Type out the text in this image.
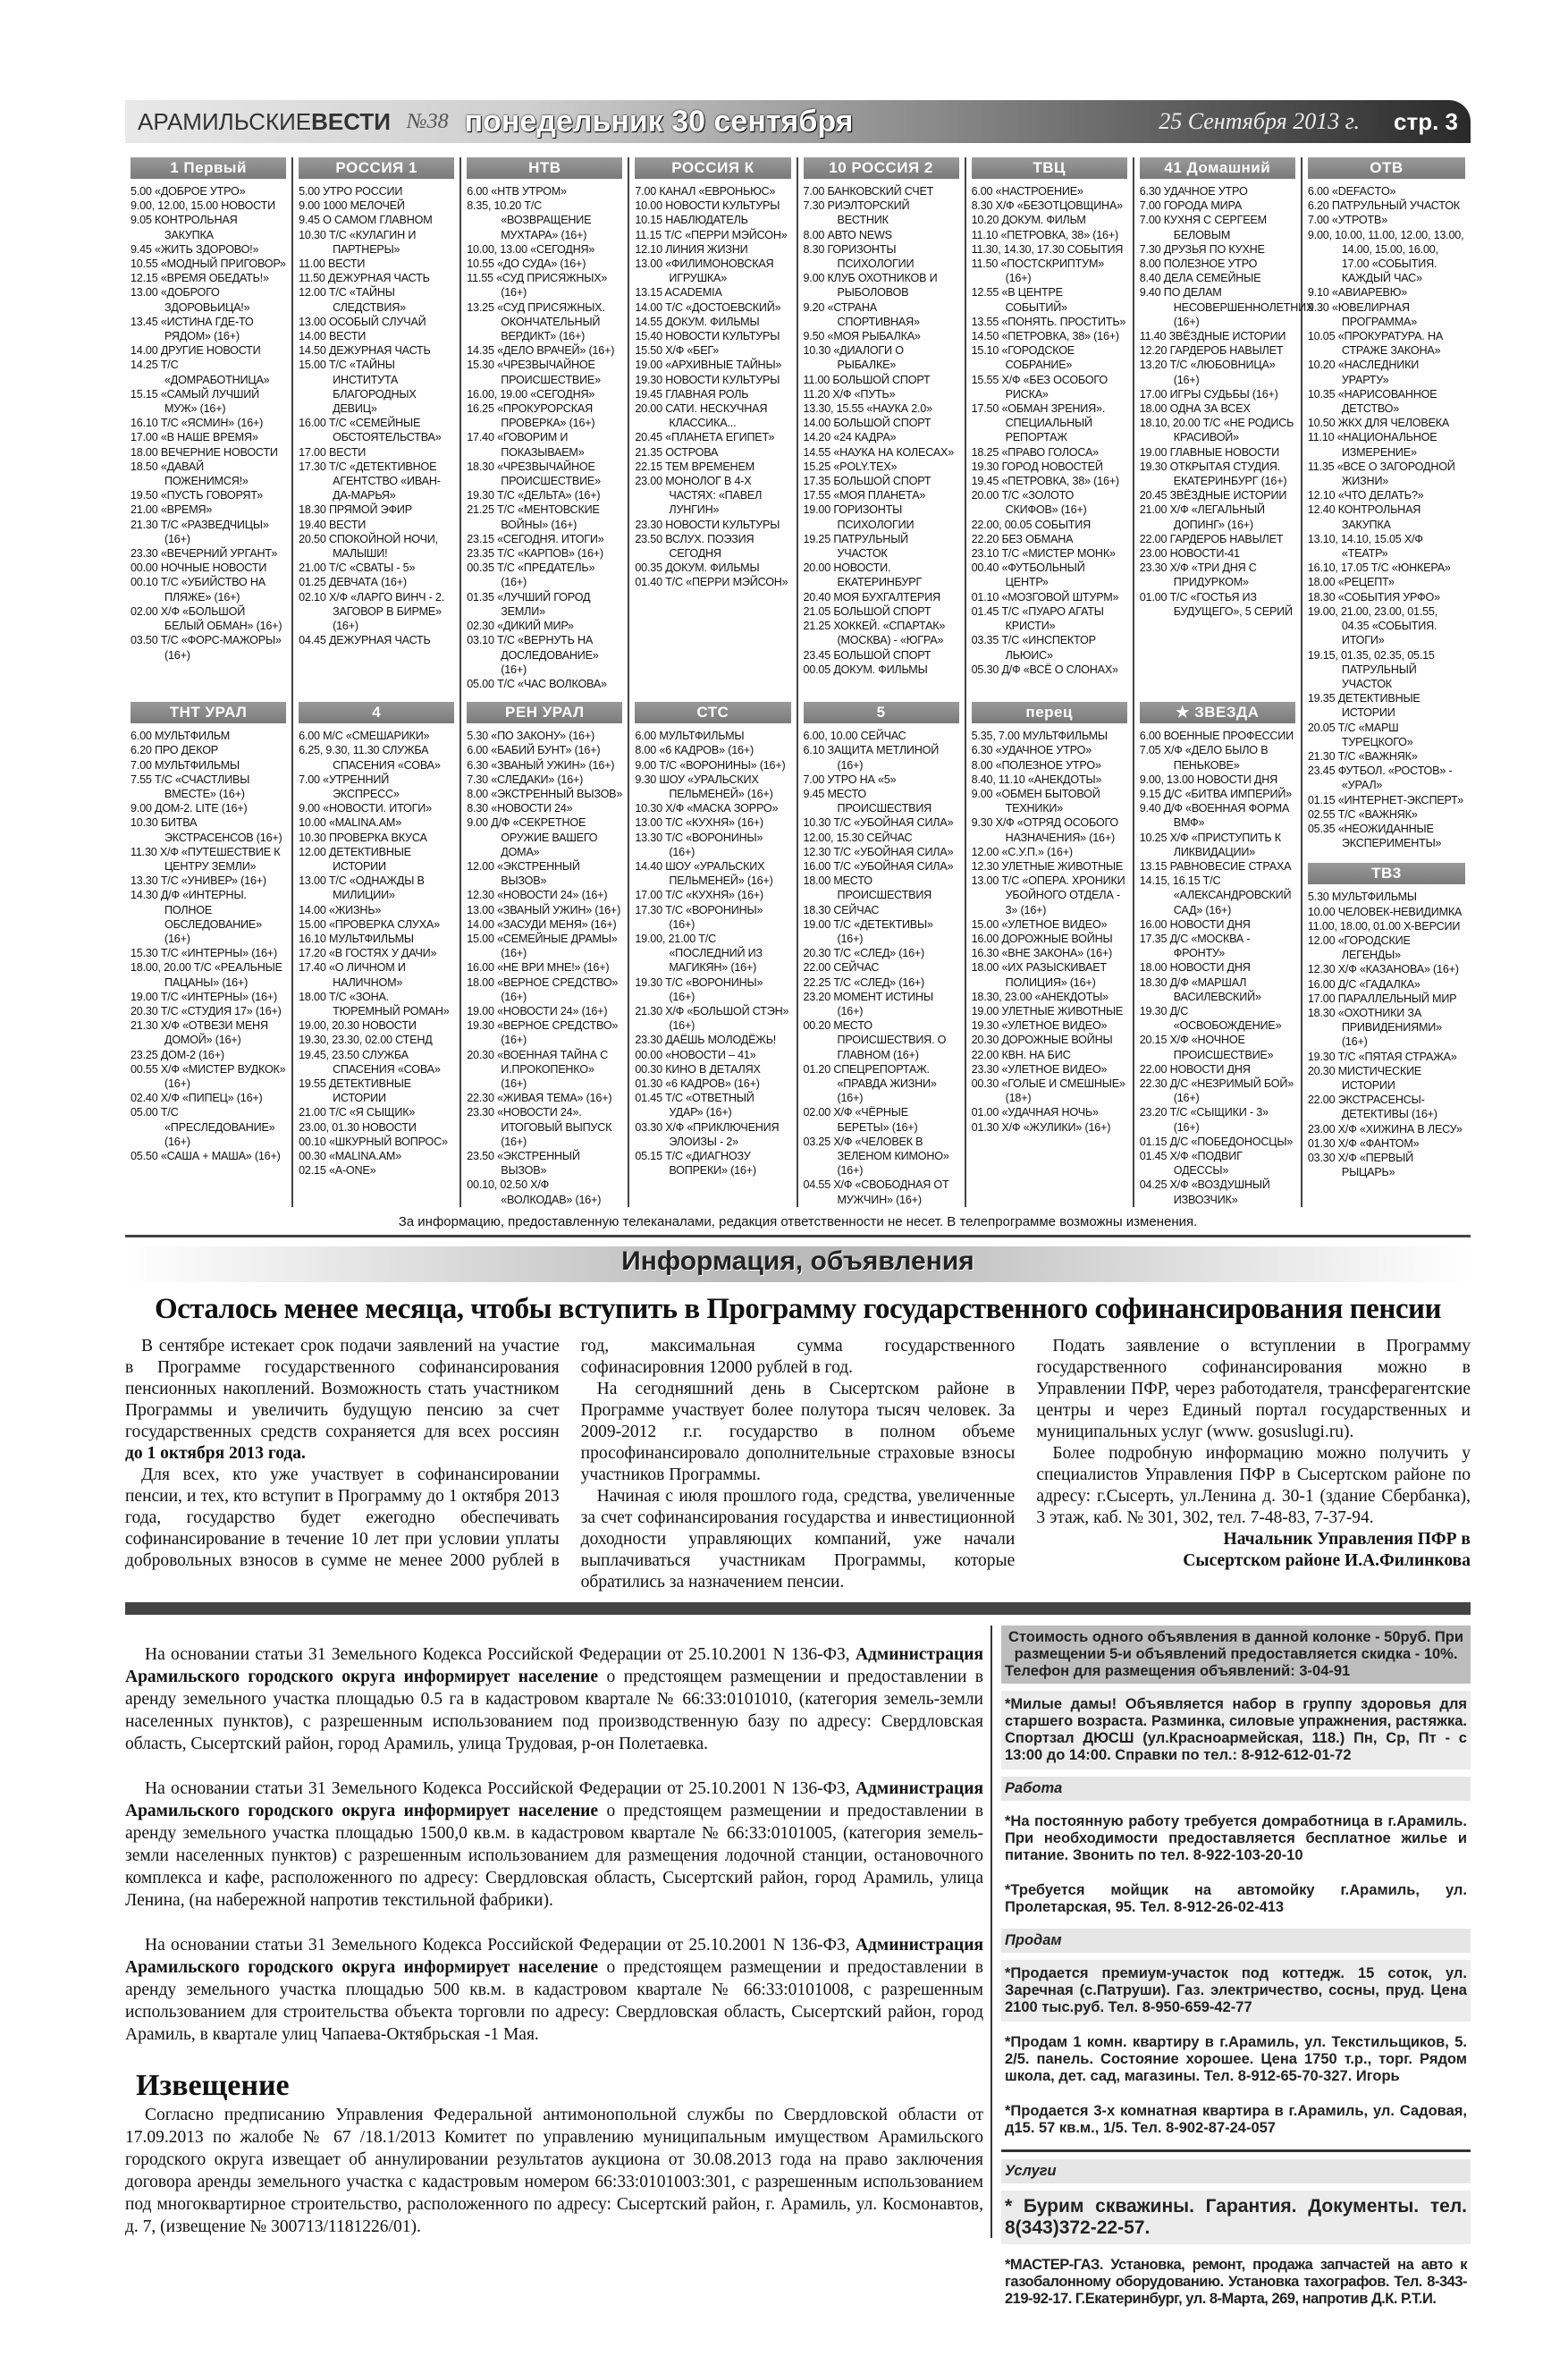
АРАМИЛЬСКИЕВЕСТИ №38 понедельник 30 сентября	25 Сентября 2013 г. стр. 3
1 Первый
5.00 «ДОБРОЕ УТРО»
9.00, 12.00, 15.00 НОВОСТИ
9.05 КОНТРОЛЬНАЯ ЗАКУПКА
9.45 «ЖИТЬ ЗДОРОВО!»
10.55 «МОДНЫЙ ПРИГОВОР»
12.15 «ВРЕМЯ ОБЕДАТЬ!»
13.00 «ДОБРОГО ЗДОРОВЬИЦА!»
13.45 «ИСТИНА ГДЕ-ТО РЯДОМ» (16+)
14.00 ДРУГИЕ НОВОСТИ
14.25 Т/С «ДОМРАБОТНИЦА»
15.15 «САМЫЙ ЛУЧШИЙ МУЖ» (16+)
16.10 Т/С «ЯСМИН» (16+)
17.00 «В НАШЕ ВРЕМЯ»
18.00 ВЕЧЕРНИЕ НОВОСТИ
18.50 «ДАВАЙ ПОЖЕНИМСЯ!»
19.50 «ПУСТЬ ГОВОРЯТ»
21.00 «ВРЕМЯ»
21.30 Т/С «РАЗВЕДЧИЦЫ» (16+)
23.30 «ВЕЧЕРНИЙ УРГАНТ»
00.00 НОЧНЫЕ НОВОСТИ
00.10 Т/С «УБИЙСТВО НА ПЛЯЖЕ» (16+)
02.00 Х/Ф «БОЛЬШОЙ БЕЛЫЙ ОБМАН» (16+)
03.50 Т/С «ФОРС-МАЖОРЫ» (16+)
ТНТ УРАЛ
6.00 МУЛЬТФИЛЬМ
6.20 ПРО ДЕКОР
7.00 МУЛЬТФИЛЬМЫ
7.55 Т/С «СЧАСТЛИВЫ ВМЕСТЕ» (16+)
9.00 ДОМ-2. LITE (16+)
10.30 БИТВА ЭКСТРАСЕНСОВ (16+)
11.30 Х/Ф «ПУТЕШЕСТВИЕ К ЦЕНТРУ ЗЕМЛИ»
13.30 Т/С «УНИВЕР» (16+)
14.30 Д/Ф «ИНТЕРНЫ. ПОЛНОЕ ОБСЛЕДОВАНИЕ» (16+)
15.30 Т/С «ИНТЕРНЫ» (16+)
18.00, 20.00 Т/С «РЕАЛЬНЫЕ ПАЦАНЫ» (16+)
19.00 Т/С «ИНТЕРНЫ» (16+)
20.30 Т/С «СТУДИЯ 17» (16+)
21.30 Х/Ф «ОТВЕЗИ МЕНЯ ДОМОЙ» (16+)
23.25 ДОМ-2 (16+)
00.55 Х/Ф «МИСТЕР ВУДКОК» (16+)
02.40 Х/Ф «ПИПЕЦ» (16+)
05.00 Т/С «ПРЕСЛЕДОВАНИЕ» (16+)
05.50 «САША + МАША» (16+)
РОССИЯ 1
5.00 УТРО РОССИИ
9.00 1000 МЕЛОЧЕЙ
9.45 О САМОМ ГЛАВНОМ
10.30 Т/С «КУЛАГИН И ПАРТНЕРЫ»
11.00 ВЕСТИ
11.50 ДЕЖУРНАЯ ЧАСТЬ
12.00 Т/С «ТАЙНЫ СЛЕДСТВИЯ»
13.00 ОСОБЫЙ СЛУЧАЙ
14.00 ВЕСТИ
14.50 ДЕЖУРНАЯ ЧАСТЬ
15.00 Т/С «ТАЙНЫ ИНСТИТУТА БЛАГОРОДНЫХ ДЕВИЦ»
16.00 Т/С «СЕМЕЙНЫЕ ОБСТОЯТЕЛЬСТВА»
17.00 ВЕСТИ
17.30 Т/С «ДЕТЕКТИВНОЕ АГЕНТСТВО «ИВАН-ДА-МАРЬЯ»
18.30 ПРЯМОЙ ЭФИР
19.40 ВЕСТИ
20.50 СПОКОЙНОЙ НОЧИ, МАЛЫШИ!
21.00 Т/С «СВАТЫ - 5»
01.25 ДЕВЧАТА (16+)
02.10 Х/Ф «ЛАРГО ВИНЧ - 2. ЗАГОВОР В БИРМЕ» (16+)
04.45 ДЕЖУРНАЯ ЧАСТЬ
4
6.00 М/С «СМЕШАРИКИ»
6.25, 9.30, 11.30 СЛУЖБА СПАСЕНИЯ «СОВА»
7.00 «УТРЕННИЙ ЭКСПРЕСС»
9.00 «НОВОСТИ. ИТОГИ»
10.00 «MALINA.AM»
10.30 ПРОВЕРКА ВКУСА
12.00 ДЕТЕКТИВНЫЕ ИСТОРИИ
13.00 Т/С «ОДНАЖДЫ В МИЛИЦИИ»
14.00 «ЖИЗНЬ»
15.00 «ПРОВЕРКА СЛУХА»
16.10 МУЛЬТФИЛЬМЫ
17.20 «В ГОСТЯХ У ДАЧИ»
17.40 «О ЛИЧНОМ И НАЛИЧНОМ»
18.00 Т/С «ЗОНА. ТЮРЕМНЫЙ РОМАН»
19.00, 20.30 НОВОСТИ
19.30, 23.30, 02.00 СТЕНД
19.45, 23.50 СЛУЖБА СПАСЕНИЯ «СОВА»
19.55 ДЕТЕКТИВНЫЕ ИСТОРИИ
21.00 Т/С «Я СЫЩИК»
23.00, 01.30 НОВОСТИ
00.10 «ШКУРНЫЙ ВОПРОС»
00.30 «MALINA.AM»
02.15 «A-ONE»
НТВ
6.00 «НТВ УТРОМ»
8.35, 10.20 Т/С «ВОЗВРАЩЕНИЕ МУХТАРА» (16+)
10.00, 13.00 «СЕГОДНЯ»
10.55 «ДО СУДА» (16+)
11.55 «СУД ПРИСЯЖНЫХ» (16+)
13.25 «СУД ПРИСЯЖНЫХ. ОКОНЧАТЕЛЬНЫЙ ВЕРДИКТ» (16+)
14.35 «ДЕЛО ВРАЧЕЙ» (16+)
15.30 «ЧРЕЗВЫЧАЙНОЕ ПРОИСШЕСТВИЕ»
16.00, 19.00 «СЕГОДНЯ»
16.25 «ПРОКУРОРСКАЯ ПРОВЕРКА» (16+)
17.40 «ГОВОРИМ И ПОКАЗЫВАЕМ»
18.30 «ЧРЕЗВЫЧАЙНОЕ ПРОИСШЕСТВИЕ»
19.30 Т/С «ДЕЛЬТА» (16+)
21.25 Т/С «МЕНТОВСКИЕ ВОЙНЫ» (16+)
23.15 «СЕГОДНЯ. ИТОГИ»
23.35 Т/С «КАРПОВ» (16+)
00.35 Т/С «ПРЕДАТЕЛЬ» (16+)
01.35 «ЛУЧШИЙ ГОРОД ЗЕМЛИ»
02.30 «ДИКИЙ МИР»
03.10 Т/С «ВЕРНУТЬ НА ДОСЛЕДОВАНИЕ» (16+)
05.00 Т/С «ЧАС ВОЛКОВА»
РЕН УРАЛ
5.30 «ПО ЗАКОНУ» (16+)
6.00 «БАБИЙ БУНТ» (16+)
6.30 «ЗВАНЫЙ УЖИН» (16+)
7.30 «СЛЕДАКИ» (16+)
8.00 «ЭКСТРЕННЫЙ ВЫЗОВ»
8.30 «НОВОСТИ 24»
9.00 Д/Ф «СЕКРЕТНОЕ ОРУЖИЕ ВАШЕГО ДОМА»
12.00 «ЭКСТРЕННЫЙ ВЫЗОВ»
12.30 «НОВОСТИ 24» (16+)
13.00 «ЗВАНЫЙ УЖИН» (16+)
14.00 «ЗАСУДИ МЕНЯ» (16+)
15.00 «СЕМЕЙНЫЕ ДРАМЫ» (16+)
16.00 «НЕ ВРИ МНЕ!» (16+)
18.00 «ВЕРНОЕ СРЕДСТВО» (16+)
19.00 «НОВОСТИ 24» (16+)
19.30 «ВЕРНОЕ СРЕДСТВО» (16+)
20.30 «ВОЕННАЯ ТАЙНА С И.ПРОКОПЕНКО» (16+)
22.30 «ЖИВАЯ ТЕМА» (16+)
23.30 «НОВОСТИ 24». ИТОГОВЫЙ ВЫПУСК (16+)
23.50 «ЭКСТРЕННЫЙ ВЫЗОВ»
00.10, 02.50 Х/Ф «ВОЛКОДАВ» (16+)
РОССИЯ К
7.00 КАНАЛ «ЕВРОНЬЮС»
10.00 НОВОСТИ КУЛЬТУРЫ
10.15 НАБЛЮДАТЕЛЬ
11.15 Т/С «ПЕРРИ МЭЙСОН»
12.10 ЛИНИЯ ЖИЗНИ
13.00 «ФИЛИМОНОВСКАЯ ИГРУШКА»
13.15 ACADEMIA
14.00 Т/С «ДОСТОЕВСКИЙ»
14.55 ДОКУМ. ФИЛЬМЫ
15.40 НОВОСТИ КУЛЬТУРЫ
15.50 Х/Ф «БЕГ»
19.00 «АРХИВНЫЕ ТАЙНЫ»
19.30 НОВОСТИ КУЛЬТУРЫ
19.45 ГЛАВНАЯ РОЛЬ
20.00 САТИ. НЕСКУЧНАЯ КЛАССИКА...
20.45 «ПЛАНЕТА ЕГИПЕТ»
21.35 ОСТРОВА
22.15 ТЕМ ВРЕМЕНЕМ
23.00 МОНОЛОГ В 4-Х ЧАСТЯХ: «ПАВЕЛ ЛУНГИН»
23.30 НОВОСТИ КУЛЬТУРЫ
23.50 ВСЛУХ. ПОЭЗИЯ СЕГОДНЯ
00.35 ДОКУМ. ФИЛЬМЫ
01.40 Т/С «ПЕРРИ МЭЙСОН»
СТС
6.00 МУЛЬТФИЛЬМЫ
8.00 «6 КАДРОВ» (16+)
9.00 Т/С «ВОРОНИНЫ» (16+)
9.30 ШОУ «УРАЛЬСКИХ ПЕЛЬМЕНЕЙ» (16+)
10.30 Х/Ф «МАСКА ЗОРРО»
13.00 Т/С «КУХНЯ» (16+)
13.30 Т/С «ВОРОНИНЫ» (16+)
14.40 ШОУ «УРАЛЬСКИХ ПЕЛЬМЕНЕЙ» (16+)
17.00 Т/С «КУХНЯ» (16+)
17.30 Т/С «ВОРОНИНЫ» (16+)
19.00, 21.00 Т/С «ПОСЛЕДНИЙ ИЗ МАГИКЯН» (16+)
19.30 Т/С «ВОРОНИНЫ» (16+)
21.30 Х/Ф «БОЛЬШОЙ СТЭН» (16+)
23.30 ДАЁШЬ МОЛОДЁЖЬ!
00.00 «НОВОСТИ – 41»
00.30 КИНО В ДЕТАЛЯХ
01.30 «6 КАДРОВ» (16+)
01.45 Т/С «ОТВЕТНЫЙ УДАР» (16+)
03.30 Х/Ф «ПРИКЛЮЧЕНИЯ ЭЛОИЗЫ - 2»
05.15 Т/С «ДИАГНОЗУ ВОПРЕКИ» (16+)
10 РОССИЯ 2
7.00 БАНКОВСКИЙ СЧЕТ
7.30 РИЭЛТОРСКИЙ ВЕСТНИК
8.00 АВТО NEWS
8.30 ГОРИЗОНТЫ ПСИХОЛОГИИ
9.00 КЛУБ ОХОТНИКОВ И РЫБОЛОВОВ
9.20 «СТРАНА СПОРТИВНАЯ»
9.50 «МОЯ РЫБАЛКА»
10.30 «ДИАЛОГИ О РЫБАЛКЕ»
11.00 БОЛЬШОЙ СПОРТ
11.20 Х/Ф «ПУТЬ»
13.30, 15.55 «НАУКА 2.0»
14.00 БОЛЬШОЙ СПОРТ
14.20 «24 КАДРА»
14.55 «НАУКА НА КОЛЕСАХ»
15.25 «POLY.TEX»
17.35 БОЛЬШОЙ СПОРТ
17.55 «МОЯ ПЛАНЕТА»
19.00 ГОРИЗОНТЫ ПСИХОЛОГИИ
19.25 ПАТРУЛЬНЫЙ УЧАСТОК
20.00 НОВОСТИ. ЕКАТЕРИНБУРГ
20.40 МОЯ БУХГАЛТЕРИЯ
21.05 БОЛЬШОЙ СПОРТ
21.25 ХОККЕЙ. «СПАРТАК» (МОСКВА) - «ЮГРА»
23.45 БОЛЬШОЙ СПОРТ
00.05 ДОКУМ. ФИЛЬМЫ
5
6.00, 10.00 СЕЙЧАС
6.10 ЗАЩИТА МЕТЛИНОЙ (16+)
7.00 УТРО НА «5»
9.45 МЕСТО ПРОИСШЕСТВИЯ
10.30 Т/С «УБОЙНАЯ СИЛА»
12.00, 15.30 СЕЙЧАС
12.30 Т/С «УБОЙНАЯ СИЛА»
16.00 Т/С «УБОЙНАЯ СИЛА»
18.00 МЕСТО ПРОИСШЕСТВИЯ
18.30 СЕЙЧАС
19.00 Т/С «ДЕТЕКТИВЫ» (16+)
20.30 Т/С «СЛЕД» (16+)
22.00 СЕЙЧАС
22.25 Т/С «СЛЕД» (16+)
23.20 МОМЕНТ ИСТИНЫ (16+)
00.20 МЕСТО ПРОИСШЕСТВИЯ. О ГЛАВНОМ (16+)
01.20 СПЕЦРЕПОРТАЖ. «ПРАВДА ЖИЗНИ» (16+)
02.00 Х/Ф «ЧЁРНЫЕ БЕРЕТЫ» (16+)
03.25 Х/Ф «ЧЕЛОВЕК В ЗЕЛЕНОМ КИМОНО» (16+)
04.55 Х/Ф «СВОБОДНАЯ ОТ МУЖЧИН» (16+)
ТВЦ
6.00 «НАСТРОЕНИЕ»
8.30 Х/Ф «БЕЗОТЦОВЩИНА»
10.20 ДОКУМ. ФИЛЬМ
11.10 «ПЕТРОВКА, 38» (16+)
11.30, 14.30, 17.30 СОБЫТИЯ
11.50 «ПОСТСКРИПТУМ» (16+)
12.55 «В ЦЕНТРЕ СОБЫТИЙ»
13.55 «ПОНЯТЬ. ПРОСТИТЬ»
14.50 «ПЕТРОВКА, 38» (16+)
15.10 «ГОРОДСКОЕ СОБРАНИЕ»
15.55 Х/Ф «БЕЗ ОСОБОГО РИСКА»
17.50 «ОБМАН ЗРЕНИЯ». СПЕЦИАЛЬНЫЙ РЕПОРТАЖ
18.25 «ПРАВО ГОЛОСА»
19.30 ГОРОД НОВОСТЕЙ
19.45 «ПЕТРОВКА, 38» (16+)
20.00 Т/С «ЗОЛОТО СКИФОВ» (16+)
22.00, 00.05 СОБЫТИЯ
22.20 БЕЗ ОБМАНА
23.10 Т/С «МИСТЕР МОНК»
00.40 «ФУТБОЛЬНЫЙ ЦЕНТР»
01.10 «МОЗГОВОЙ ШТУРМ»
01.45 Т/С «ПУАРО АГАТЫ КРИСТИ»
03.35 Т/С «ИНСПЕКТОР ЛЬЮИС»
05.30 Д/Ф «ВСЁ О СЛОНАХ»
перец
5.35, 7.00 МУЛЬТФИЛЬМЫ
6.30 «УДАЧНОЕ УТРО»
8.00 «ПОЛЕЗНОЕ УТРО»
8.40, 11.10 «АНЕКДОТЫ»
9.00 «ОБМЕН БЫТОВОЙ ТЕХНИКИ»
9.30 Х/Ф «ОТРЯД ОСОБОГО НАЗНАЧЕНИЯ» (16+)
12.00 «С.У.П.» (16+)
12.30 УЛЕТНЫЕ ЖИВОТНЫЕ
13.00 Т/С «ОПЕРА. ХРОНИКИ УБОЙНОГО ОТДЕЛА - 3» (16+)
15.00 «УЛЕТНОЕ ВИДЕО»
16.00 ДОРОЖНЫЕ ВОЙНЫ
16.30 «ВНЕ ЗАКОНА» (16+)
18.00 «ИХ РАЗЫСКИВАЕТ ПОЛИЦИЯ» (16+)
18.30, 23.00 «АНЕКДОТЫ»
19.00 УЛЕТНЫЕ ЖИВОТНЫЕ
19.30 «УЛЕТНОЕ ВИДЕО»
20.30 ДОРОЖНЫЕ ВОЙНЫ
22.00 КВН. НА БИС
23.30 «УЛЕТНОЕ ВИДЕО»
00.30 «ГОЛЫЕ И СМЕШНЫЕ» (18+)
01.00 «УДАЧНАЯ НОЧЬ»
01.30 Х/Ф «ЖУЛИКИ» (16+)
41 Домашний
6.30 УДАЧНОЕ УТРО
7.00 ГОРОДА МИРА
7.00 КУХНЯ С СЕРГЕЕМ БЕЛОВЫМ
7.30 ДРУЗЬЯ ПО КУХНЕ
8.00 ПОЛЕЗНОЕ УТРО
8.40 ДЕЛА СЕМЕЙНЫЕ
9.40 ПО ДЕЛАМ НЕСОВЕРШЕННОЛЕТНИХ (16+)
11.40 ЗВЁЗДНЫЕ ИСТОРИИ
12.20 ГАРДЕРОБ НАВЫЛЕТ
13.20 Т/С «ЛЮБОВНИЦА» (16+)
17.00 ИГРЫ СУДЬБЫ (16+)
18.00 ОДНА ЗА ВСЕХ
18.10, 20.00 Т/С «НЕ РОДИСЬ КРАСИВОЙ»
19.00 ГЛАВНЫЕ НОВОСТИ
19.30 ОТКРЫТАЯ СТУДИЯ. ЕКАТЕРИНБУРГ (16+)
20.45 ЗВЁЗДНЫЕ ИСТОРИИ
21.00 Х/Ф «ЛЕГАЛЬНЫЙ ДОПИНГ» (16+)
22.00 ГАРДЕРОБ НАВЫЛЕТ
23.00 НОВОСТИ-41
23.30 Х/Ф «ТРИ ДНЯ С ПРИДУРКОМ»
01.00 Т/С «ГОСТЬЯ ИЗ БУДУЩЕГО», 5 СЕРИЙ
★ ЗВЕЗДА
6.00 ВОЕННЫЕ ПРОФЕССИИ
7.05 Х/Ф «ДЕЛО БЫЛО В ПЕНЬКОВЕ»
9.00, 13.00 НОВОСТИ ДНЯ
9.15 Д/С «БИТВА ИМПЕРИЙ»
9.40 Д/Ф «ВОЕННАЯ ФОРМА ВМФ»
10.25 Х/Ф «ПРИСТУПИТЬ К ЛИКВИДАЦИИ»
13.15 РАВНОВЕСИЕ СТРАХА
14.15, 16.15 Т/С «АЛЕКСАНДРОВСКИЙ САД» (16+)
16.00 НОВОСТИ ДНЯ
17.35 Д/С «МОСКВА - ФРОНТУ»
18.00 НОВОСТИ ДНЯ
18.30 Д/Ф «МАРШАЛ ВАСИЛЕВСКИЙ»
19.30 Д/С «ОСВОБОЖДЕНИЕ»
20.15 Х/Ф «НОЧНОЕ ПРОИСШЕСТВИЕ»
22.00 НОВОСТИ ДНЯ
22.30 Д/С «НЕЗРИМЫЙ БОЙ» (16+)
23.20 Т/С «СЫЩИКИ - 3» (16+)
01.15 Д/С «ПОБЕДОНОСЦЫ»
01.45 Х/Ф «ПОДВИГ ОДЕССЫ»
04.25 Х/Ф «ВОЗДУШНЫЙ ИЗВОЗЧИК»
ОТВ
6.00 «DEFACTO»
6.20 ПАТРУЛЬНЫЙ УЧАСТОК
7.00 «УТРОТВ»
9.00, 10.00, 11.00, 12.00, 13.00, 14.00, 15.00, 16.00, 17.00 «СОБЫТИЯ. КАЖДЫЙ ЧАС»
9.10 «АВИАРЕВЮ»
9.30 «ЮВЕЛИРНАЯ ПРОГРАММА»
10.05 «ПРОКУРАТУРА. НА СТРАЖЕ ЗАКОНА»
10.20 «НАСЛЕДНИКИ УРАРТУ»
10.35 «НАРИСОВАННОЕ ДЕТСТВО»
10.50 ЖКХ ДЛЯ ЧЕЛОВЕКА
11.10 «НАЦИОНАЛЬНОЕ ИЗМЕРЕНИЕ»
11.35 «ВСЕ О ЗАГОРОДНОЙ ЖИЗНИ»
12.10 «ЧТО ДЕЛАТЬ?»
12.40 КОНТРОЛЬНАЯ ЗАКУПКА
13.10, 14.10, 15.05 Х/Ф «ТЕАТР»
16.10, 17.05 Т/С «ЮНКЕРА»
18.00 «РЕЦЕПТ»
18.30 «СОБЫТИЯ УРФО»
19.00, 21.00, 23.00, 01.55, 04.35 «СОБЫТИЯ. ИТОГИ»
19.15, 01.35, 02.35, 05.15 ПАТРУЛЬНЫЙ УЧАСТОК
19.35 ДЕТЕКТИВНЫЕ ИСТОРИИ
20.05 Т/С «МАРШ ТУРЕЦКОГО»
21.30 Т/С «ВАЖНЯК»
23.45 ФУТБОЛ. «РОСТОВ» - «УРАЛ»
01.15 «ИНТЕРНЕТ-ЭКСПЕРТ»
02.55 Т/С «ВАЖНЯК»
05.35 «НЕОЖИДАННЫЕ ЭКСПЕРИМЕНТЫ»
ТВ3
5.30 МУЛЬТФИЛЬМЫ
10.00 ЧЕЛОВЕК-НЕВИДИМКА
11.00, 18.00, 01.00 Х-ВЕРСИИ
12.00 «ГОРОДСКИЕ ЛЕГЕНДЫ»
12.30 Х/Ф «КАЗАНОВА» (16+)
16.00 Д/С «ГАДАЛКА»
17.00 ПАРАЛЛЕЛЬНЫЙ МИР
18.30 «ОХОТНИКИ ЗА ПРИВИДЕНИЯМИ» (16+)
19.30 Т/С «ПЯТАЯ СТРАЖА»
20.30 МИСТИЧЕСКИЕ ИСТОРИИ
22.00 ЭКСТРАСЕНСЫ-ДЕТЕКТИВЫ (16+)
23.00 Х/Ф «ХИЖИНА В ЛЕСУ»
01.30 Х/Ф «ФАНТОМ»
03.30 Х/Ф «ПЕРВЫЙ РЫЦАРЬ»
За информацию, предоставленную телеканалами, редакция ответственности не несет. В телепрограмме возможны изменения.
Информация, объявления
Осталось менее месяца, чтобы вступить в Программу государственного софинансирования пенсии

В сентябре истекает срок подачи заявлений на участие в Программе государственного софинансирования пенсионных накоплений. Возможность стать участником Программы и увеличить будущую пенсию за счет государственных средств сохраняется для всех россиян до 1 октября 2013 года.

Для всех, кто уже участвует в софинансировании пенсии, и тех, кто вступит в Программу до 1 октября 2013 года, государство будет ежегодно обеспечивать софинансирование в течение 10 лет при условии уплаты добровольных взносов в сумме не менее 2000 рублей в год, максимальная сумма государственного софинасировния 12000 рублей в год.

На сегодняшний день в Сысертском районе в Программе участвует более полутора тысяч человек. За 2009-2012 г.г. государство в полном объеме прософинансировало дополнительные страховые взносы участников Программы.

Начиная с июля прошлого года, средства, увеличенные за счет софинансирования государства и инвестиционной доходности управляющих компаний, уже начали выплачиваться участникам Программы, которые обратились за назначением пенсии.

Подать заявление о вступлении в Программу государственного софинансирования можно в Управлении ПФР, через работодателя, трансферагентские центры и через Единый портал государственных и муниципальных услуг (www. gosuslugi.ru).

Более подробную информацию можно получить у специалистов Управления ПФР в Сысертском районе по адресу: г.Сысерть, ул.Ленина д. 30-1 (здание Сбербанка), 3 этаж, каб. № 301, 302, тел. 7-48-83, 7-37-94.

Начальник Управления ПФР в
Сысертском районе И.А.Филинкова

На основании статьи 31 Земельного Кодекса Российской Федерации от 25.10.2001 N 136-ФЗ, Администрация Арамильского городского округа информирует население о предстоящем размещении и предоставлении в аренду земельного участка площадью 0.5 га в кадастровом квартале № 66:33:0101010, (категория земель-земли населенных пунктов), с разрешенным использованием под производственную базу по адресу: Свердловская область, Сысертский район, город Арамиль, улица Трудовая, р-он Полетаевка.

На основании статьи 31 Земельного Кодекса Российской Федерации от 25.10.2001 N 136-ФЗ, Администрация Арамильского городского округа информирует население о предстоящем размещении и предоставлении в аренду земельного участка площадью 1500,0 кв.м. в кадастровом квартале № 66:33:0101005, (категория земель-земли населенных пунктов) с разрешенным использованием для размещения лодочной станции, остановочного комплекса и кафе, расположенного по адресу: Свердловская область, Сысертский район, город Арамиль, улица Ленина, (на набережной напротив текстильной фабрики).

На основании статьи 31 Земельного Кодекса Российской Федерации от 25.10.2001 N 136-ФЗ, Администрация Арамильского городского округа информирует население о предстоящем размещении и предоставлении в аренду земельного участка площадью 500 кв.м. в кадастровом квартале № 66:33:0101008, с разрешенным использованием для строительства объекта торговли по адресу: Свердловская область, Сысертский район, город Арамиль, в квартале улиц Чапаева-Октябрьская -1 Мая.

Извещение

Согласно предписанию Управления Федеральной антимонопольной службы по Свердловской области от 17.09.2013 по жалобе № 67 /18.1/2013 Комитет по управлению муниципальным имуществом Арамильского городского округа извещает об аннулировании результатов аукциона от 30.08.2013 года на право заключения договора аренды земельного участка с кадастровым номером 66:33:0101003:301, с разрешенным использованием под многоквартирное строительство, расположенного по адресу: Сысертский район, г. Арамиль, ул. Космонавтов, д. 7, (извещение № 300713/1181226/01).

Стоимость одного объявления в данной колонке - 50руб. При размещении 5-и объявлений предоставляется скидка - 10%.
Телефон для размещения объявлений: 3-04-91
*Милые дамы! Объявляется набор в группу здоровья для старшего возраста. Разминка, силовые упражнения, растяжка. Спортзал ДЮСШ (ул.Красноармейская, 118.) Пн, Ср, Пт - с 13:00 до 14:00. Справки по тел.: 8-912-612-01-72
Работа
*На постоянную работу требуется домработница в г.Арамиль. При необходимости предоставляется бесплатное жилье и питание. Звонить по тел. 8-922-103-20-10
*Требуется мойщик на автомойку г.Арамиль, ул. Пролетарская, 95. Тел. 8-912-26-02-413
Продам
*Продается премиум-участок под коттедж. 15 соток, ул. Заречная (с.Патруши). Газ. электричество, сосны, пруд. Цена 2100 тыс.руб. Тел. 8-950-659-42-77
*Продам 1 комн. квартиру в г.Арамиль, ул. Текстильщиков, 5. 2/5. панель. Состояние хорошее. Цена 1750 т.р., торг. Рядом школа, дет. сад, магазины. Тел. 8-912-65-70-327. Игорь
*Продается 3-х комнатная квартира в г.Арамиль, ул. Садовая, д15. 57 кв.м., 1/5. Тел. 8-902-87-24-057
Услуги
* Бурим скважины. Гарантия. Документы. тел. 8(343)372-22-57.
*МАСТЕР-ГАЗ. Установка, ремонт, продажа запчастей на авто к газобалонному оборудованию. Установка тахографов. Тел. 8-343-219-92-17. Г.Екатеринбург, ул. 8-Марта, 269, напротив Д.К. Р.Т.И.
